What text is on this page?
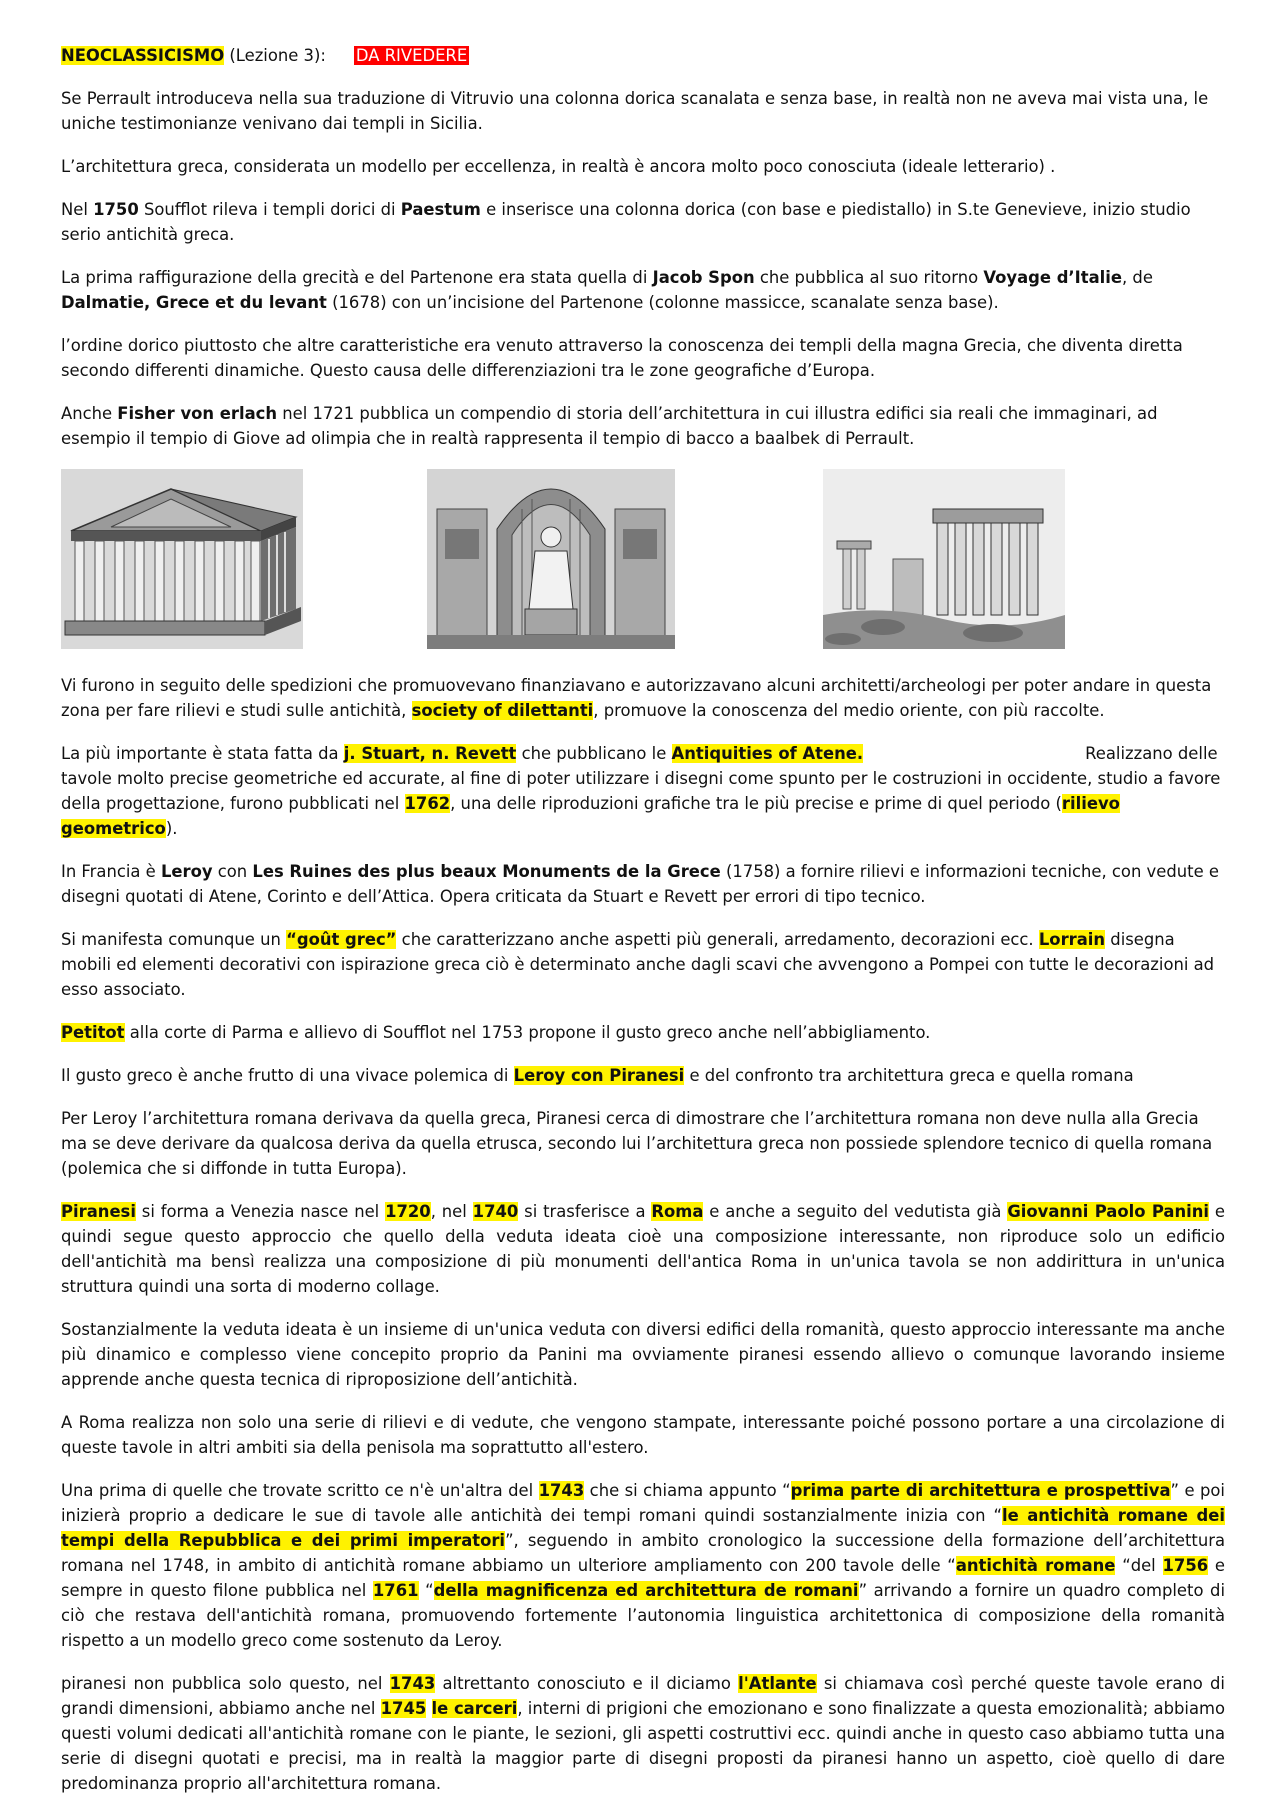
NEOCLASSICISMO (Lezione 3): DA RIVEDERE

Se Perrault introduceva nella sua traduzione di Vitruvio una colonna dorica scanalata e senza base, in realtà non ne aveva mai vista una, le uniche testimonianze venivano dai templi in Sicilia.

L’architettura greca, considerata un modello per eccellenza, in realtà è ancora molto poco conosciuta (ideale letterario) .

Nel 1750 Soufflot rileva i templi dorici di Paestum e inserisce una colonna dorica (con base e piedistallo) in S.te Genevieve, inizio studio serio antichità greca.

La prima raffigurazione della grecità e del Partenone era stata quella di Jacob Spon che pubblica al suo ritorno Voyage d’Italie, de Dalmatie, Grece et du levant (1678) con un’incisione del Partenone (colonne massicce, scanalate senza base).

l’ordine dorico piuttosto che altre caratteristiche era venuto attraverso la conoscenza dei templi della magna Grecia, che diventa diretta secondo differenti dinamiche. Questo causa delle differenziazioni tra le zone geografiche d’Europa.

Anche Fisher von erlach nel 1721 pubblica un compendio di storia dell’architettura in cui illustra edifici sia reali che immaginari, ad esempio il tempio di Giove ad olimpia che in realtà rappresenta il tempio di bacco a baalbek di Perrault.

Vi furono in seguito delle spedizioni che promuovevano finanziavano e autorizzavano alcuni architetti/archeologi per poter andare in questa zona per fare rilievi e studi sulle antichità, society of dilettanti, promuove la conoscenza del medio oriente, con più raccolte.

La più importante è stata fatta da j. Stuart, n. Revett che pubblicano le Antiquities of Atene.	Realizzano delle tavole molto precise geometriche ed accurate, al fine di poter utilizzare i disegni come spunto per le costruzioni in occidente, studio a favore della progettazione, furono pubblicati nel 1762, una delle riproduzioni grafiche tra le più precise e prime di quel periodo (rilievo geometrico).

In Francia è Leroy con Les Ruines des plus beaux Monuments de la Grece (1758) a fornire rilievi e informazioni tecniche, con vedute e disegni quotati di Atene, Corinto e dell’Attica. Opera criticata da Stuart e Revett per errori di tipo tecnico.

Si manifesta comunque un “goût grec” che caratterizzano anche aspetti più generali, arredamento, decorazioni ecc. Lorrain disegna mobili ed elementi decorativi con ispirazione greca ciò è determinato anche dagli scavi che avvengono a Pompei con tutte le decorazioni ad esso associato.

Petitot alla corte di Parma e allievo di Soufflot nel 1753 propone il gusto greco anche nell’abbigliamento.

Il gusto greco è anche frutto di una vivace polemica di Leroy con Piranesi e del confronto tra architettura greca e quella romana

Per Leroy l’architettura romana derivava da quella greca, Piranesi cerca di dimostrare che l’architettura romana non deve nulla alla Grecia ma se deve derivare da qualcosa deriva da quella etrusca, secondo lui l’architettura greca non possiede splendore tecnico di quella romana (polemica che si diffonde in tutta Europa).

Piranesi si forma a Venezia nasce nel 1720, nel 1740 si trasferisce a Roma e anche a seguito del vedutista già Giovanni Paolo Panini e quindi segue questo approccio che quello della veduta ideata cioè una composizione interessante, non riproduce solo un edificio dell'antichità ma bensì realizza una composizione di più monumenti dell'antica Roma in un'unica tavola se non addirittura in un'unica struttura quindi una sorta di moderno collage.

Sostanzialmente la veduta ideata è un insieme di un'unica veduta con diversi edifici della romanità, questo approccio interessante ma anche più dinamico e complesso viene concepito proprio da Panini ma ovviamente piranesi essendo allievo o comunque lavorando insieme apprende anche questa tecnica di riproposizione dell’antichità.

A Roma realizza non solo una serie di rilievi e di vedute, che vengono stampate, interessante poiché possono portare a una circolazione di queste tavole in altri ambiti sia della penisola ma soprattutto all'estero.

Una prima di quelle che trovate scritto ce n'è un'altra del 1743 che si chiama appunto “prima parte di architettura e prospettiva” e poi inizierà proprio a dedicare le sue di tavole alle antichità dei tempi romani quindi sostanzialmente inizia con “le antichità romane dei tempi della Repubblica e dei primi imperatori”, seguendo in ambito cronologico la successione della formazione dell’architettura romana nel 1748, in ambito di antichità romane abbiamo un ulteriore ampliamento con 200 tavole delle “antichità romane “del 1756 e sempre in questo filone pubblica nel 1761 “della magnificenza ed architettura de romani” arrivando a fornire un quadro completo di ciò che restava dell'antichità romana, promuovendo fortemente l’autonomia linguistica architettonica di composizione della romanità rispetto a un modello greco come sostenuto da Leroy.

piranesi non pubblica solo questo, nel 1743 altrettanto conosciuto e il diciamo l'Atlante si chiamava così perché queste tavole erano di grandi dimensioni, abbiamo anche nel 1745 le carceri, interni di prigioni che emozionano e sono finalizzate a questa emozionalità; abbiamo questi volumi dedicati all'antichità romane con le piante, le sezioni, gli aspetti costruttivi ecc. quindi anche in questo caso abbiamo tutta una serie di disegni quotati e precisi, ma in realtà la maggior parte di disegni proposti da piranesi hanno un aspetto, cioè quello di dare predominanza proprio all'architettura romana.
